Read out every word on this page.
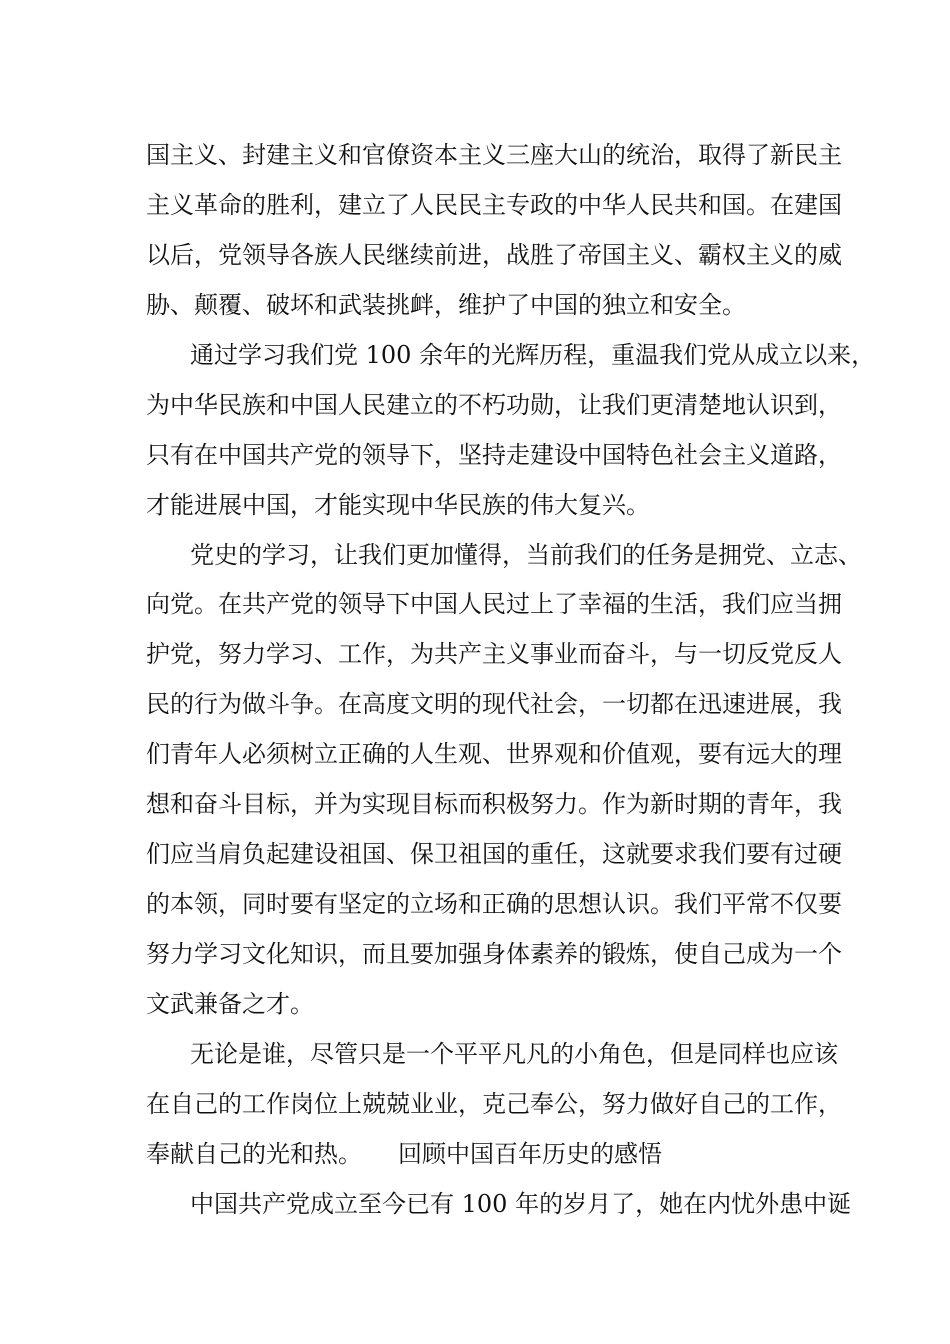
国主义、封建主义和官僚资本主义三座大山的统治，取得了新民主
主义革命的胜利，建立了人民民主专政的中华人民共和国。在建国
以后，党领导各族人民继续前进，战胜了帝国主义、霸权主义的威
胁、颠覆、破坏和武装挑衅，维护了中国的独立和安全。
通过学习我们党 100 余年的光辉历程，重温我们党从成立以来，
为中华民族和中国人民建立的不朽功勋，让我们更清楚地认识到，
只有在中国共产党的领导下，坚持走建设中国特色社会主义道路，
才能进展中国，才能实现中华民族的伟大复兴。
党史的学习，让我们更加懂得，当前我们的任务是拥党、立志、
向党。在共产党的领导下中国人民过上了幸福的生活，我们应当拥
护党，努力学习、工作，为共产主义事业而奋斗，与一切反党反人
民的行为做斗争。在高度文明的现代社会，一切都在迅速进展，我
们青年人必须树立正确的人生观、世界观和价值观，要有远大的理
想和奋斗目标，并为实现目标而积极努力。作为新时期的青年，我
们应当肩负起建设祖国、保卫祖国的重任，这就要求我们要有过硬
的本领，同时要有坚定的立场和正确的思想认识。我们平常不仅要
努力学习文化知识，而且要加强身体素养的锻炼，使自己成为一个
文武兼备之才。
无论是谁，尽管只是一个平平凡凡的小角色，但是同样也应该
在自己的工作岗位上兢兢业业，克己奉公，努力做好自己的工作，
奉献自己的光和热。　　回顾中国百年历史的感悟
中国共产党成立至今已有 100 年的岁月了，她在内忧外患中诞
